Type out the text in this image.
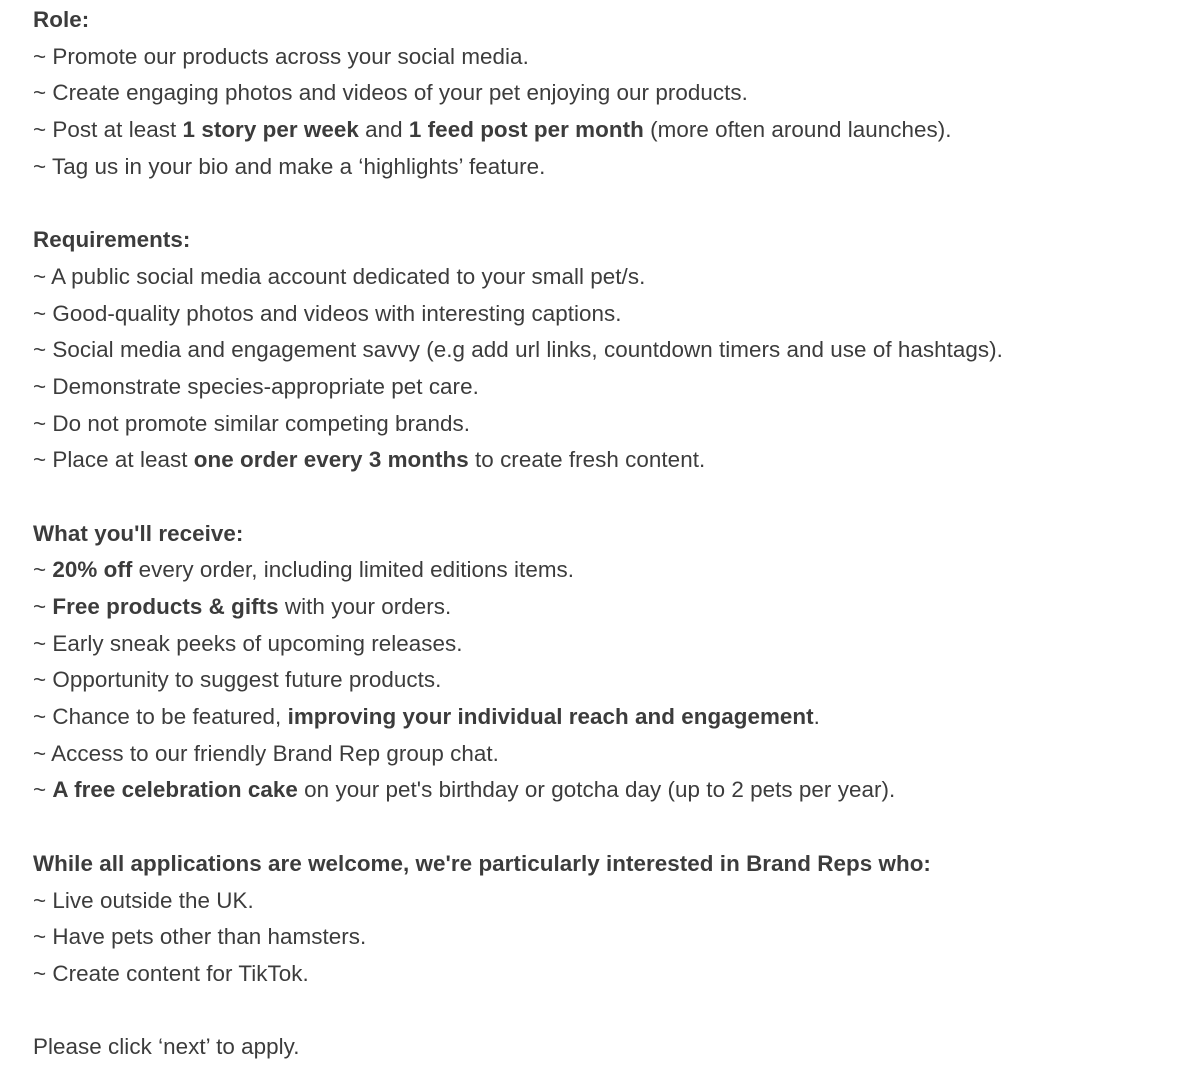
Role:
~ Promote our products across your social media.
~ Create engaging photos and videos of your pet enjoying our products.
~ Post at least 1 story per week and 1 feed post per month (more often around launches).
~ Tag us in your bio and make a ‘highlights’ feature.
Requirements:
~ A public social media account dedicated to your small pet/s.
~ Good-quality photos and videos with interesting captions.
~ Social media and engagement savvy (e.g add url links, countdown timers and use of hashtags).
~ Demonstrate species-appropriate pet care.
~ Do not promote similar competing brands.
~ Place at least one order every 3 months to create fresh content.
What you'll receive:
~ 20% off every order, including limited editions items.
~ Free products & gifts with your orders.
~ Early sneak peeks of upcoming releases.
~ Opportunity to suggest future products.
~ Chance to be featured, improving your individual reach and engagement.
~ Access to our friendly Brand Rep group chat.
~ A free celebration cake on your pet's birthday or gotcha day (up to 2 pets per year).
While all applications are welcome, we're particularly interested in Brand Reps who:
~ Live outside the UK.
~ Have pets other than hamsters.
~ Create content for TikTok.
Please click ‘next’ to apply.
